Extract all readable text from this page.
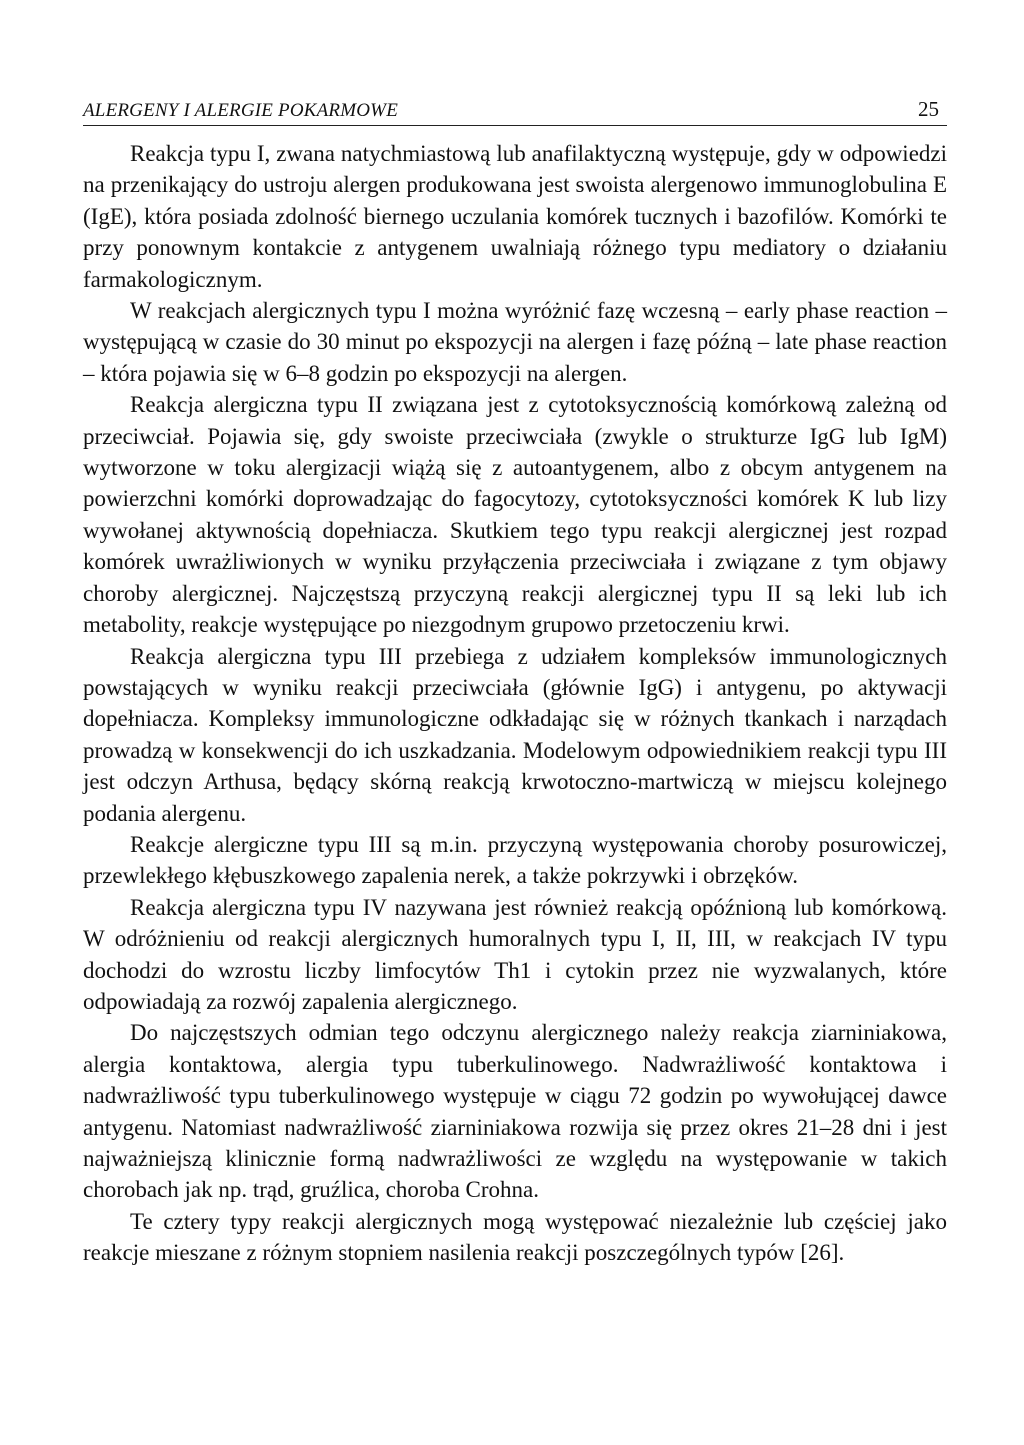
ALERGENY I ALERGIE POKARMOWE	25

Reakcja typu I, zwana natychmiastową lub anafilaktyczną występuje, gdy w odpowiedzi na przenikający do ustroju alergen produkowana jest swoista alergenowo immunoglobulina E (IgE), która posiada zdolność biernego uczulania komórek tucznych i bazofilów. Komórki te przy ponownym kontakcie z antygenem uwalniają różnego typu mediatory o działaniu farmakologicznym.

W reakcjach alergicznych typu I można wyróżnić fazę wczesną – early phase reaction – występującą w czasie do 30 minut po ekspozycji na alergen i fazę późną – late phase reaction – która pojawia się w 6–8 godzin po ekspozycji na alergen.

Reakcja alergiczna typu II związana jest z cytotoksycznością komórkową zależną od przeciwciał. Pojawia się, gdy swoiste przeciwciała (zwykle o strukturze IgG lub IgM) wytworzone w toku alergizacji wiążą się z autoantygenem, albo z obcym antygenem na powierzchni komórki doprowadzając do fagocytozy, cytotoksyczności komórek K lub lizy wywołanej aktywnością dopełniacza. Skutkiem tego typu reakcji alergicznej jest rozpad komórek uwrażliwionych w wyniku przyłączenia przeciwciała i związane z tym objawy choroby alergicznej. Najczęstszą przyczyną reakcji alergicznej typu II są leki lub ich metabolity, reakcje występujące po niezgodnym grupowo przetoczeniu krwi.

Reakcja alergiczna typu III przebiega z udziałem kompleksów immunologicznych powstających w wyniku reakcji przeciwciała (głównie IgG) i antygenu, po aktywacji dopełniacza. Kompleksy immunologiczne odkładając się w różnych tkankach i narządach prowadzą w konsekwencji do ich uszkadzania. Modelowym odpowiednikiem reakcji typu III jest odczyn Arthusa, będący skórną reakcją krwotoczno-martwiczą w miejscu kolejnego podania alergenu.

Reakcje alergiczne typu III są m.in. przyczyną występowania choroby posurowiczej, przewlekłego kłębuszkowego zapalenia nerek, a także pokrzywki i obrzęków.

Reakcja alergiczna typu IV nazywana jest również reakcją opóźnioną lub komórkową. W odróżnieniu od reakcji alergicznych humoralnych typu I, II, III, w reakcjach IV typu dochodzi do wzrostu liczby limfocytów Th1 i cytokin przez nie wyzwalanych, które odpowiadają za rozwój zapalenia alergicznego.

Do najczęstszych odmian tego odczynu alergicznego należy reakcja ziarniniakowa, alergia kontaktowa, alergia typu tuberkulinowego. Nadwrażliwość kontaktowa i nadwrażliwość typu tuberkulinowego występuje w ciągu 72 godzin po wywołującej dawce antygenu. Natomiast nadwrażliwość ziarniniakowa rozwija się przez okres 21–28 dni i jest najważniejszą klinicznie formą nadwrażliwości ze względu na występowanie w takich chorobach jak np. trąd, gruźlica, choroba Crohna.

Te cztery typy reakcji alergicznych mogą występować niezależnie lub częściej jako reakcje mieszane z różnym stopniem nasilenia reakcji poszczególnych typów [26].
